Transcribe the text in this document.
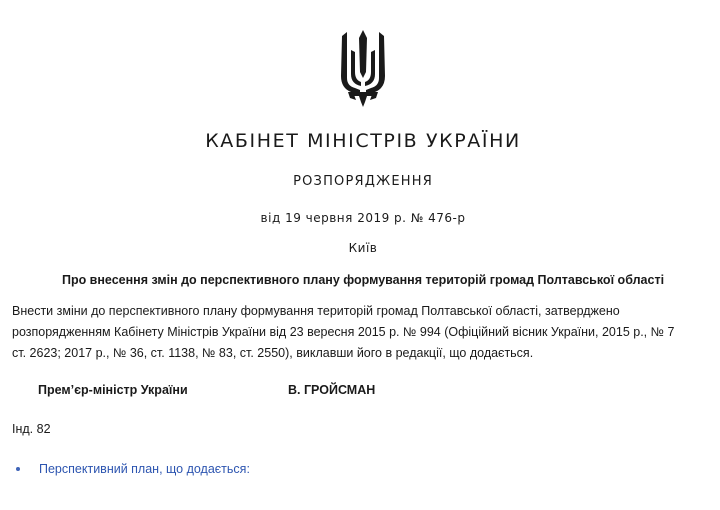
КАБІНЕТ МІНІСТРІВ УКРАЇНИ
РОЗПОРЯДЖЕННЯ
від 19 червня 2019 р. № 476-р
Київ
Про внесення змін до перспективного плану формування територій громад Полтавської області
Внести зміни до перспективного плану формування територій громад Полтавської області, затверджено
розпорядженням Кабінету Міністрів України від 23 вересня 2015 р. № 994 (Офіційний вісник України, 2015 р., № 7
ст. 2623; 2017 р., № 36, ст. 1138, № 83, ст. 2550), виклавши його в редакції, що додається.
Прем’єр-міністр України	В. ГРОЙСМАН
Інд. 82
Перспективний план, що додається:
